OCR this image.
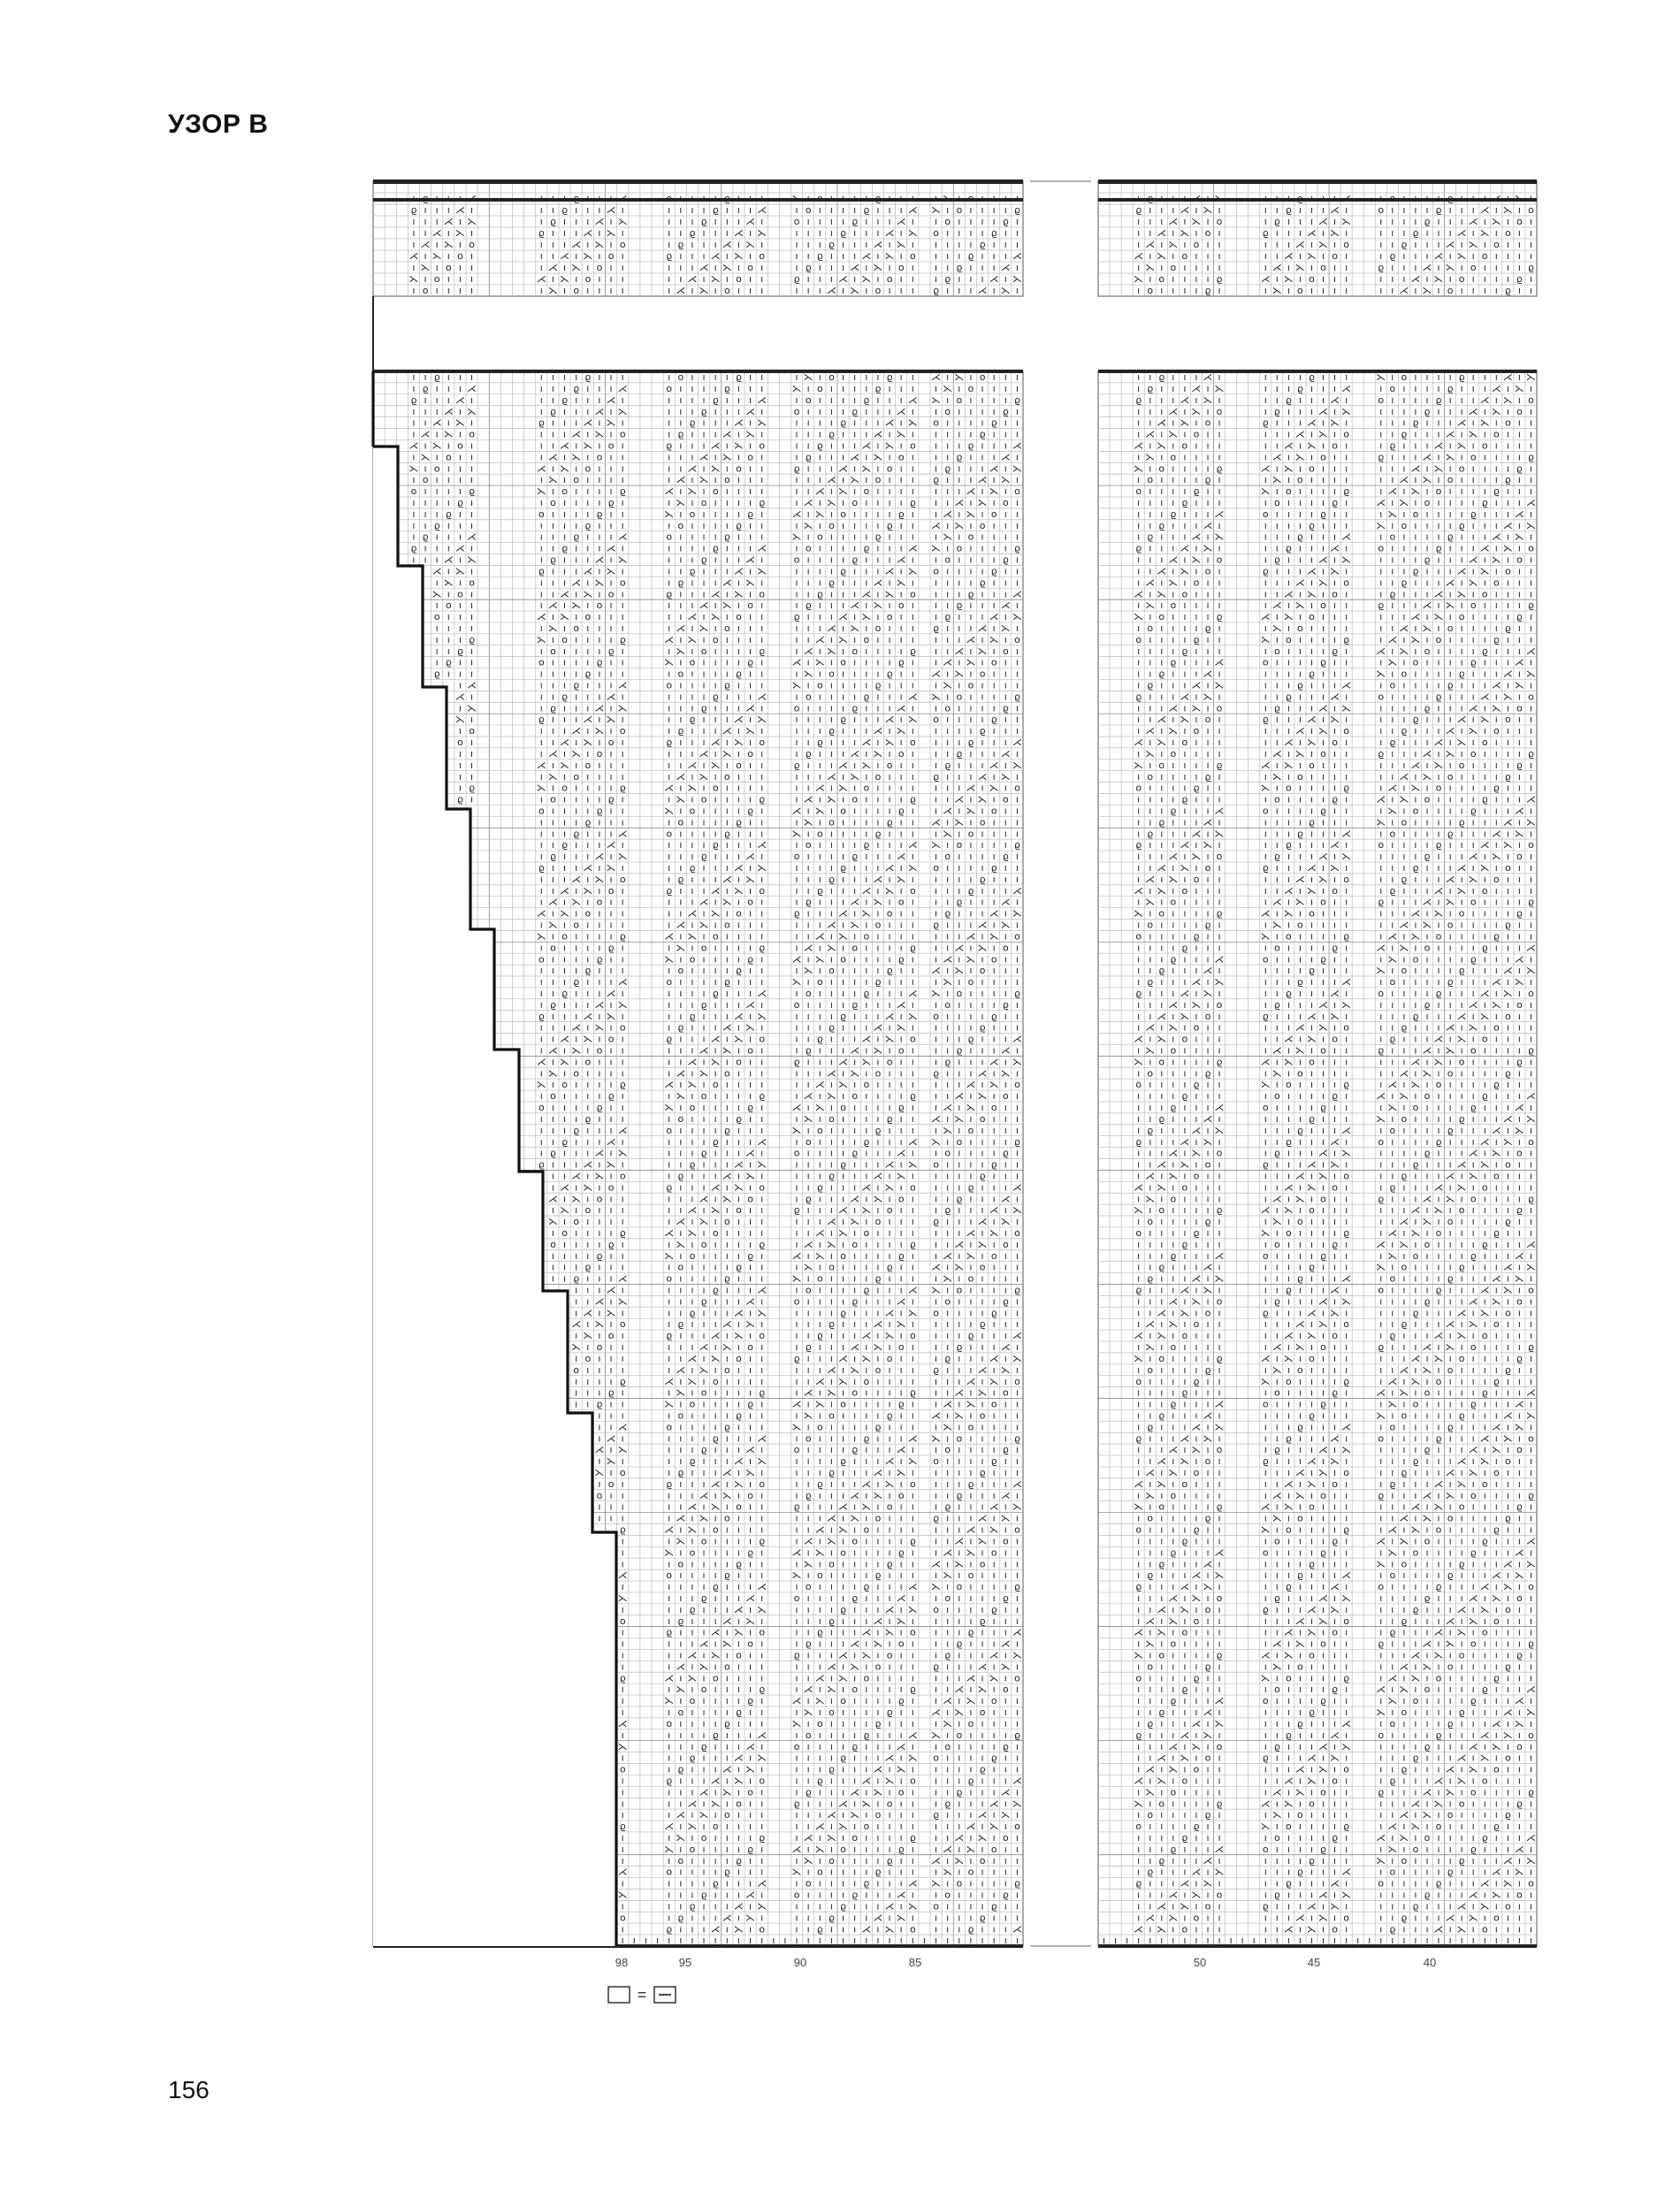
УЗОР В
ı ϱ ı ı ı ⋌	ı ı ı ϱ ı ı ı ⋌	ο ı ı ı ı ϱ ı ı ı	⋋ ı ο ı ı ı ı ϱ ı ı ı ı ⋋ ı ο ı ı ı ı
ϱ ı ı ı ⋌ ı	ı ı ϱ ı ı ı ⋌ ı	ı ı ı ı ϱ ı ı ı ⋌	ı ο ı ı ı ı ϱ ı ı ı ⋌ ⋋ ı ο ı ı ı ı ϱ
ı ı ı ⋌ ı ⋋	ı ϱ ı ı ı ⋌ ı ⋋	ı ı ı ϱ ı ı ı ⋌ ı	ο ı ı ı ı ϱ ı ı ı ⋌ ı ı ο ı ı ı ı ϱ ı
ı ı ⋌ ı ⋋ ı	ϱ ı ı ı ⋌ ı ⋋ ı	ı ı ϱ ı ı ı ⋌ ı ⋋	ı ı ı ı ϱ ı ı ı ⋌ ı ⋋ ο ı ı ı ı ϱ ı ı
ı ⋌ ı ⋋ ı ο	ı ı ı ⋌ ı ⋋ ı ο	ı ϱ ı ı ı ⋌ ı ⋋ ı	ı ı ı ϱ ı ı ı ⋌ ı ⋋ ı ı ı ı ı ϱ ı ı ı
⋌ ı ⋋ ı ο ı	ı ı ⋌ ı ⋋ ı ο ı	ϱ ı ı ı ⋌ ı ⋋ ı ο	ı ı ϱ ı ı ı ⋌ ı ⋋ ı ο ı ı ı ϱ ı ı ı ⋌
ı ⋋ ı ο ı ı	ı ⋌ ı ⋋ ı ο ı ı	ı ı ı ⋌ ı ⋋ ı ο ı	ı ϱ ı ı ı ⋌ ı ⋋ ı ο ı ı ı ϱ ı ı ı ⋌ ı
⋋ ı ο ı ı ı	⋌ ı ⋋ ı ο ı ı ı	ı ı ⋌ ı ⋋ ı ο ı ı	ϱ ı ı ı ⋌ ı ⋋ ı ο ı ı ı ϱ ı ı ı ⋌ ı ⋋
ı ο ı ı ı ı	ı ⋋ ı ο ı ı ı ı	ı ⋌ ı ⋋ ı ο ı ı ı	ı ı ı ⋌ ı ⋋ ı ο ı ı ı ϱ ı ı ı ⋌ ı ⋋ ı
ı ı ϱ ı ı ı	ı ı ı ı ϱ ı ı ı	ı ο ı ı ı ı ϱ ı ı	ı ⋋ ı ο ı ı ı ı ϱ ı ı ⋌ ı ⋋ ı ο ı ı ı
ı ϱ ı ı ı ⋌	ı ı ı ϱ ı ı ı ⋌	ο ı ı ı ı ϱ ı ı ı	⋋ ı ο ı ı ı ı ϱ ı ı ı ı ⋋ ı ο ı ı ı ı
ϱ ı ı ı ⋌ ı	ı ı ϱ ı ı ı ⋌ ı	ı ı ı ı ϱ ı ı ı ⋌	ı ο ı ı ı ı ϱ ı ı ı ⋌ ⋋ ı ο ı ı ı ı ϱ
ı ı ı ⋌ ı ⋋	ı ϱ ı ı ı ⋌ ı ⋋	ı ı ı ϱ ı ı ı ⋌ ı	ο ı ı ı ı ϱ ı ı ı ⋌ ı ı ο ı ı ı ı ϱ ı
ı ı ⋌ ı ⋋ ı	ϱ ı ı ı ⋌ ı ⋋ ı	ı ı ϱ ı ı ı ⋌ ı ⋋	ı ı ı ı ϱ ı ı ı ⋌ ı ⋋ ο ı ı ı ı ϱ ı ı
ı ⋌ ı ⋋ ı ο	ı ı ı ⋌ ı ⋋ ı ο	ı ϱ ı ı ı ⋌ ı ⋋ ı	ı ı ı ϱ ı ı ı ⋌ ı ⋋ ı ı ı ı ı ϱ ı ı ı
⋌ ı ⋋ ı ο ı	ı ı ⋌ ı ⋋ ı ο ı	ϱ ı ı ı ⋌ ı ⋋ ı ο	ı ı ϱ ı ı ı ⋌ ı ⋋ ı ο ı ı ı ϱ ı ı ı ⋌
ı ⋋ ı ο ı ı	ı ⋌ ı ⋋ ı ο ı ı	ı ı ı ⋌ ı ⋋ ı ο ı	ı ϱ ı ı ı ⋌ ı ⋋ ı ο ı ı ı ϱ ı ı ı ⋌ ı
⋋ ı ο ı ı ı	⋌ ı ⋋ ı ο ı ı ı	ı ı ⋌ ı ⋋ ı ο ı ı	ϱ ı ı ı ⋌ ı ⋋ ı ο ı ı ı ϱ ı ı ı ⋌ ı ⋋
ı ο ı ı ı ı	ı ⋋ ı ο ı ı ı ı	ı ⋌ ı ⋋ ı ο ı ı ı	ı ı ı ⋌ ı ⋋ ı ο ı ı ı ϱ ı ı ı ⋌ ı ⋋ ı
ο ı ı ı ı ϱ	⋋ ı ο ı ı ı ı ϱ	⋌ ı ⋋ ı ο ı ı ı ı	ı ı ⋌ ı ⋋ ı ο ı ı ı ı ı ı ı ⋌ ı ⋋ ı ο
ı ı ı ı ϱ ı	ı ο ı ı ı ı ϱ ı	ı ⋋ ı ο ı ı ı ı ϱ	ı ⋌ ı ⋋ ı ο ı ı ı ı ϱ ı ı ⋌ ı ⋋ ı ο ı
ı ı ı ϱ ı ı	ο ı ı ı ı ϱ ı ı	⋋ ı ο ı ı ı ı ϱ ı	⋌ ı ⋋ ı ο ı ı ı ı ϱ ı ı ⋌ ı ⋋ ı ο ı ı
ı ı ϱ ı ı ı	ı ı ı ı ϱ ı ı ı	ı ο ı ı ı ı ϱ ı ı	ı ⋋ ı ο ı ı ı ı ϱ ı ı ⋌ ı ⋋ ı ο ı ı ı
ı ϱ ı ı ı ⋌	ı ı ı ϱ ı ı ı ⋌	ο ı ı ı ı ϱ ı ı ı	⋋ ı ο ı ı ı ı ϱ ı ı ı ı ⋋ ı ο ı ı ı ı
ϱ ı ı ı ⋌ ı	ı ı ϱ ı ı ı ⋌ ı	ı ı ı ı ϱ ı ı ı ⋌	ı ο ı ı ı ı ϱ ı ı ı ⋌ ⋋ ı ο ı ı ı ı ϱ
ı ı ı ⋌ ı ⋋	ı ϱ ı ı ı ⋌ ı ⋋	ı ı ı ϱ ı ı ı ⋌ ı	ο ı ı ı ı ϱ ı ı ı ⋌ ı ı ο ı ı ı ı ϱ ı
⋌ ı ⋋ ı	ϱ ı ı ı ⋌ ı ⋋ ı	ı ı ϱ ı ı ı ⋌ ı ⋋	ı ı ı ı ϱ ı ı ı ⋌ ı ⋋ ο ı ı ı ı ϱ ı ı
ı ⋋ ı ο	ı ı ı ⋌ ı ⋋ ı ο	ı ϱ ı ı ı ⋌ ı ⋋ ı	ı ı ı ϱ ı ı ı ⋌ ı ⋋ ı ı ı ı ı ϱ ı ı ı
⋋ ı ο ı	ı ı ⋌ ı ⋋ ı ο ı	ϱ ı ı ı ⋌ ı ⋋ ı ο	ı ı ϱ ı ı ı ⋌ ı ⋋ ı ο ı ı ı ϱ ı ı ı ⋌
ı ο ı ı	ı ⋌ ı ⋋ ı ο ı ı	ı ı ı ⋌ ı ⋋ ı ο ı	ı ϱ ı ı ı ⋌ ı ⋋ ı ο ı ı ı ϱ ı ı ı ⋌ ı
ο ı ı ı	⋌ ı ⋋ ı ο ı ı ı	ı ı ⋌ ı ⋋ ı ο ı ı	ϱ ı ı ı ⋌ ı ⋋ ı ο ı ı ı ϱ ı ı ı ⋌ ı ⋋
ı ı ı ı	ı ⋋ ı ο ı ı ı ı	ı ⋌ ı ⋋ ı ο ı ı ı	ı ı ı ⋌ ı ⋋ ı ο ı ı ı ϱ ı ı ı ⋌ ı ⋋ ı
ı ı ı ϱ	⋋ ı ο ı ı ı ı ϱ	⋌ ı ⋋ ı ο ı ı ı ı	ı ı ⋌ ı ⋋ ı ο ı ı ı ı ı ı ı ⋌ ı ⋋ ı ο
ı ı ϱ ı	ı ο ı ı ı ı ϱ ı	ı ⋋ ı ο ı ı ı ı ϱ	ı ⋌ ı ⋋ ı ο ı ı ı ı ϱ ı ı ⋌ ı ⋋ ı ο ı
ı ϱ ı ı	ο ı ı ı ı ϱ ı ı	⋋ ı ο ı ı ı ı ϱ ı	⋌ ı ⋋ ı ο ı ı ı ı ϱ ı ı ⋌ ı ⋋ ı ο ı ı
ϱ ı ı ı	ı ı ı ı ϱ ı ı ı	ı ο ı ı ı ı ϱ ı ı	ı ⋋ ı ο ı ı ı ı ϱ ı ı ⋌ ı ⋋ ı ο ı ı ı
ı ⋌	ı ı ı ϱ ı ı ı ⋌	ο ı ı ı ı ϱ ı ı ı	⋋ ı ο ı ı ı ı ϱ ı ı ı ı ⋋ ı ο ı ı ı ı
⋌ ı	ı ı ϱ ı ı ı ⋌ ı	ı ı ı ı ϱ ı ı ı ⋌	ı ο ı ı ı ı ϱ ı ı ı ⋌ ⋋ ı ο ı ı ı ı ϱ
ı ⋋	ı ϱ ı ı ı ⋌ ı ⋋	ı ı ı ϱ ı ı ı ⋌ ı	ο ı ı ı ı ϱ ı ı ı ⋌ ı ı ο ı ı ı ı ϱ ı
⋋ ı	ϱ ı ı ı ⋌ ı ⋋ ı	ı ı ϱ ı ı ı ⋌ ı ⋋	ı ı ı ı ϱ ı ı ı ⋌ ı ⋋ ο ı ı ı ı ϱ ı ı
ı ο	ı ı ı ⋌ ı ⋋ ı ο	ı ϱ ı ı ı ⋌ ı ⋋ ı	ı ı ı ϱ ı ı ı ⋌ ı ⋋ ı ı ı ı ı ϱ ı ı ı
ο ı	ı ı ⋌ ı ⋋ ı ο ı	ϱ ı ı ı ⋌ ı ⋋ ı ο	ı ı ϱ ı ı ı ⋌ ı ⋋ ı ο ı ı ı ϱ ı ı ı ⋌
ı ı	ı ⋌ ı ⋋ ı ο ı ı	ı ı ı ⋌ ı ⋋ ı ο ı	ı ϱ ı ı ı ⋌ ı ⋋ ı ο ı ı ı ϱ ı ı ı ⋌ ı
ı ı	⋌ ı ⋋ ı ο ı ı ı	ı ı ⋌ ı ⋋ ı ο ı ı	ϱ ı ı ı ⋌ ı ⋋ ı ο ı ı ı ϱ ı ı ı ⋌ ı ⋋
ı ı	ı ⋋ ı ο ı ı ı ı	ı ⋌ ı ⋋ ı ο ı ı ı	ı ı ı ⋌ ı ⋋ ı ο ı ı ı ϱ ı ı ı ⋌ ı ⋋ ı
ı ϱ	⋋ ı ο ı ı ı ı ϱ	⋌ ı ⋋ ı ο ı ı ı ı	ı ı ⋌ ı ⋋ ı ο ı ı ı ı ı ı ı ⋌ ı ⋋ ı ο
ϱ ı	ı ο ı ı ı ı ϱ ı	ı ⋋ ı ο ı ı ı ı ϱ	ı ⋌ ı ⋋ ı ο ı ı ı ı ϱ ı ı ⋌ ı ⋋ ı ο ı
ο ı ı ı ı ϱ ı ı	⋋ ı ο ı ı ı ı ϱ ı	⋌ ı ⋋ ı ο ı ı ı ı ϱ ı ı ⋌ ı ⋋ ı ο ı ı
ı ı ı ı ϱ ı ı ı	ı ο ı ı ı ı ϱ ı ı	ı ⋋ ı ο ı ı ı ı ϱ ı ı ⋌ ı ⋋ ı ο ı ı ı
ı ı ı ϱ ı ı ı ⋌	ο ı ı ı ı ϱ ı ı ı	⋋ ı ο ı ı ı ı ϱ ı ı ı ı ⋋ ı ο ı ı ı ı
ı ı ϱ ı ı ı ⋌ ı	ı ı ı ı ϱ ı ı ı ⋌	ı ο ı ı ı ı ϱ ı ı ı ⋌ ⋋ ı ο ı ı ı ı ϱ
ı ϱ ı ı ı ⋌ ı ⋋	ı ı ı ϱ ı ı ı ⋌ ı	ο ı ı ı ı ϱ ı ı ı ⋌ ı ı ο ı ı ı ı ϱ ı
ϱ ı ı ı ⋌ ı ⋋ ı	ı ı ϱ ı ı ı ⋌ ı ⋋	ı ı ı ı ϱ ı ı ı ⋌ ı ⋋ ο ı ı ı ı ϱ ı ı
ı ı ı ⋌ ı ⋋ ı ο	ı ϱ ı ı ı ⋌ ı ⋋ ı	ı ı ı ϱ ı ı ı ⋌ ı ⋋ ı ı ı ı ı ϱ ı ı ı
ı ı ⋌ ı ⋋ ı ο ı	ϱ ı ı ı ⋌ ı ⋋ ı ο	ı ı ϱ ı ı ı ⋌ ı ⋋ ı ο ı ı ı ϱ ı ı ı ⋌
ı ⋌ ı ⋋ ı ο ı ı	ı ı ı ⋌ ı ⋋ ı ο ı	ı ϱ ı ı ı ⋌ ı ⋋ ı ο ı ı ı ϱ ı ı ı ⋌ ı
⋌ ı ⋋ ı ο ı ı ı	ı ı ⋌ ı ⋋ ı ο ı ı	ϱ ı ı ı ⋌ ı ⋋ ı ο ı ı ı ϱ ı ı ı ⋌ ı ⋋
ı ⋋ ı ο ı ı ı ı	ı ⋌ ı ⋋ ı ο ı ı ı	ı ı ı ⋌ ı ⋋ ı ο ı ı ı ϱ ı ı ı ⋌ ı ⋋ ı
⋋ ı ο ı ı ı ı ϱ	⋌ ı ⋋ ı ο ı ı ı ı	ı ı ⋌ ı ⋋ ı ο ı ı ı ı ı ı ı ⋌ ı ⋋ ı ο
ı ο ı ı ı ı ϱ ı	ı ⋋ ı ο ı ı ı ı ϱ	ı ⋌ ı ⋋ ı ο ı ı ı ı ϱ ı ı ⋌ ı ⋋ ı ο ı
ο ı ı ı ı ϱ ı ı	⋋ ı ο ı ı ı ı ϱ ı	⋌ ı ⋋ ı ο ı ı ı ı ϱ ı ı ⋌ ı ⋋ ı ο ı ı
ı ı ı ı ϱ ı ı ı	ı ο ı ı ı ı ϱ ı ı	ı ⋋ ı ο ı ı ı ı ϱ ı ı ⋌ ı ⋋ ı ο ı ı ı
ı ı ı ϱ ı ı ı ⋌	ο ı ı ı ı ϱ ı ı ı	⋋ ı ο ı ı ı ı ϱ ı ı ı ı ⋋ ı ο ı ı ı ı
ı ı ϱ ı ı ı ⋌ ı	ı ı ı ı ϱ ı ı ı ⋌	ı ο ı ı ı ı ϱ ı ı ı ⋌ ⋋ ı ο ı ı ı ı ϱ
ı ϱ ı ı ı ⋌ ı ⋋	ı ı ı ϱ ı ı ı ⋌ ı	ο ı ı ı ı ϱ ı ı ı ⋌ ı ı ο ı ı ı ı ϱ ı
ϱ ı ı ı ⋌ ı ⋋ ı	ı ı ϱ ı ı ı ⋌ ı ⋋	ı ı ı ı ϱ ı ı ı ⋌ ı ⋋ ο ı ı ı ı ϱ ı ı
ı ı ı ⋌ ı ⋋ ı ο	ı ϱ ı ı ı ⋌ ı ⋋ ı	ı ı ı ϱ ı ı ı ⋌ ı ⋋ ı ı ı ı ı ϱ ı ı ı
ı ı ⋌ ı ⋋ ı ο ı	ϱ ı ı ı ⋌ ı ⋋ ı ο	ı ı ϱ ı ı ı ⋌ ı ⋋ ı ο ı ı ı ϱ ı ı ı ⋌
ı ⋌ ı ⋋ ı ο ı ı	ı ı ı ⋌ ı ⋋ ı ο ı	ı ϱ ı ı ı ⋌ ı ⋋ ı ο ı ı ı ϱ ı ı ı ⋌ ı
⋌ ı ⋋ ı ο ı ı ı	ı ı ⋌ ı ⋋ ı ο ı ı	ϱ ı ı ı ⋌ ı ⋋ ı ο ı ı ı ϱ ı ı ı ⋌ ı ⋋
ı ⋋ ı ο ı ı ı ı	ı ⋌ ı ⋋ ı ο ı ı ı	ı ı ı ⋌ ı ⋋ ı ο ı ı ı ϱ ı ı ı ⋌ ı ⋋ ı
⋋ ı ο ı ı ı ı ϱ	⋌ ı ⋋ ı ο ı ı ı ı	ı ı ⋌ ı ⋋ ı ο ı ı ı ı ı ı ı ⋌ ı ⋋ ı ο
ı ο ı ı ı ı ϱ ı	ı ⋋ ı ο ı ı ı ı ϱ	ı ⋌ ı ⋋ ı ο ı ı ı ı ϱ ı ı ⋌ ı ⋋ ı ο ı
ο ı ı ı ı ϱ ı ı	⋋ ı ο ı ı ı ı ϱ ı	⋌ ı ⋋ ı ο ı ı ı ı ϱ ı ı ⋌ ı ⋋ ı ο ı ı
ı ı ı ı ϱ ı ı ı	ı ο ı ı ı ı ϱ ı ı	ı ⋋ ı ο ı ı ı ı ϱ ı ı ⋌ ı ⋋ ı ο ı ı ı
ı ı ı ϱ ı ı ı ⋌	ο ı ı ı ı ϱ ı ı ı	⋋ ı ο ı ı ı ı ϱ ı ı ı ı ⋋ ı ο ı ı ı ı
ı ı ϱ ı ı ı ⋌ ı	ı ı ı ı ϱ ı ı ı ⋌	ı ο ı ı ı ı ϱ ı ı ı ⋌ ⋋ ı ο ı ı ı ı ϱ
ı ϱ ı ı ı ⋌ ı ⋋	ı ı ı ϱ ı ı ı ⋌ ı	ο ı ı ı ı ϱ ı ı ı ⋌ ı ı ο ı ı ı ı ϱ ı
ϱ ı ı ı ⋌ ı ⋋ ı	ı ı ϱ ı ı ı ⋌ ı ⋋	ı ı ı ı ϱ ı ı ı ⋌ ı ⋋ ο ı ı ı ı ϱ ı ı
ı ı ⋌ ı ⋋ ı ο	ı ϱ ı ı ı ⋌ ı ⋋ ı	ı ı ı ϱ ı ı ı ⋌ ı ⋋ ı ı ı ı ı ϱ ı ı ı
ı ⋌ ı ⋋ ı ο ı	ϱ ı ı ı ⋌ ı ⋋ ı ο	ı ı ϱ ı ı ı ⋌ ı ⋋ ı ο ı ı ı ϱ ı ı ı ⋌
⋌ ı ⋋ ı ο ı ı	ı ı ı ⋌ ı ⋋ ı ο ı	ı ϱ ı ı ı ⋌ ı ⋋ ı ο ı ı ı ϱ ı ı ı ⋌ ı
ı ⋋ ı ο ı ı ı	ı ı ⋌ ı ⋋ ı ο ı ı	ϱ ı ı ı ⋌ ı ⋋ ı ο ı ı ı ϱ ı ı ı ⋌ ı ⋋
⋋ ı ο ı ı ı ı	ı ⋌ ı ⋋ ı ο ı ı ı	ı ı ı ⋌ ı ⋋ ı ο ı ı ı ϱ ı ı ı ⋌ ı ⋋ ı
ı ο ı ı ı ı ϱ	⋌ ı ⋋ ı ο ı ı ı ı	ı ı ⋌ ı ⋋ ı ο ı ı ı ı ı ı ı ⋌ ı ⋋ ı ο
ο ı ı ı ı ϱ ı	ı ⋋ ı ο ı ı ı ı ϱ	ı ⋌ ı ⋋ ı ο ı ı ı ı ϱ ı ı ⋌ ı ⋋ ı ο ı
ı ı ı ı ϱ ı ı	⋋ ı ο ı ı ı ı ϱ ı	⋌ ı ⋋ ı ο ı ı ı ı ϱ ı ı ⋌ ı ⋋ ı ο ı ı
ı ı ı ϱ ı ı ı	ı ο ı ı ı ı ϱ ı ı	ı ⋋ ı ο ı ı ı ı ϱ ı ı ⋌ ı ⋋ ı ο ı ı ı
ı ı ϱ ı ı ı ⋌	ο ı ı ı ı ϱ ı ı ı	⋋ ı ο ı ı ı ı ϱ ı ı ı ı ⋋ ı ο ı ı ı ı
ı ı ı ⋌ ı	ı ı ı ı ϱ ı ı ı ⋌	ı ο ı ı ı ı ϱ ı ı ı ⋌ ⋋ ı ο ı ı ı ı ϱ
ı ı ⋌ ı ⋋	ı ı ı ϱ ı ı ı ⋌ ı	ο ı ı ı ı ϱ ı ı ı ⋌ ı ı ο ı ı ı ı ϱ ı
ı ⋌ ı ⋋ ı	ı ı ϱ ı ı ı ⋌ ı ⋋	ı ı ı ı ϱ ı ı ı ⋌ ı ⋋ ο ı ı ı ı ϱ ı ı
⋌ ı ⋋ ı ο	ı ϱ ı ı ı ⋌ ı ⋋ ı	ı ı ı ϱ ı ı ı ⋌ ı ⋋ ı ı ı ı ı ϱ ı ı ı
ı ⋋ ı ο ı	ϱ ı ı ı ⋌ ı ⋋ ı ο	ı ı ϱ ı ı ı ⋌ ı ⋋ ı ο ı ı ı ϱ ı ı ı ⋌
⋋ ı ο ı ı	ı ı ı ⋌ ı ⋋ ı ο ı	ı ϱ ı ı ı ⋌ ı ⋋ ı ο ı ı ı ϱ ı ı ı ⋌ ı
ı ο ı ı ı	ı ı ⋌ ı ⋋ ı ο ı ı	ϱ ı ı ı ⋌ ı ⋋ ı ο ı ı ı ϱ ı ı ı ⋌ ı ⋋
ο ı ı ı ı	ı ⋌ ı ⋋ ı ο ı ı ı	ı ı ı ⋌ ı ⋋ ı ο ı ı ı ϱ ı ı ı ⋌ ı ⋋ ı
ı ı ı ı ϱ	⋌ ı ⋋ ı ο ı ı ı ı	ı ı ⋌ ı ⋋ ı ο ı ı ı ı ı ı ı ⋌ ı ⋋ ı ο
ı ı ı ϱ ı	ı ⋋ ı ο ı ı ı ı ϱ	ı ⋌ ı ⋋ ı ο ı ı ı ı ϱ ı ı ⋌ ı ⋋ ı ο ı
ı ı ϱ ı ı	⋋ ı ο ı ı ı ı ϱ ı	⋌ ı ⋋ ı ο ı ı ı ı ϱ ı ı ⋌ ı ⋋ ı ο ı ı
ı ı ı	ı ο ı ı ı ı ϱ ı ı	ı ⋋ ı ο ı ı ı ı ϱ ı ı ⋌ ı ⋋ ı ο ı ı ı
ı ı ⋌	ο ı ı ı ı ϱ ı ı ı	⋋ ı ο ı ı ı ı ϱ ı ı ı ı ⋋ ı ο ı ı ı ı
ı ⋌ ı	ı ı ı ı ϱ ı ı ı ⋌	ı ο ı ı ı ı ϱ ı ı ı ⋌ ⋋ ı ο ı ı ı ı ϱ
⋌ ı ⋋	ı ı ı ϱ ı ı ı ⋌ ı	ο ı ı ı ı ϱ ı ı ı ⋌ ı ı ο ı ı ı ı ϱ ı
ı ⋋ ı	ı ı ϱ ı ı ı ⋌ ı ⋋	ı ı ı ı ϱ ı ı ı ⋌ ı ⋋ ο ı ı ı ı ϱ ı ı
⋋ ı ο	ı ϱ ı ı ı ⋌ ı ⋋ ı	ı ı ı ϱ ı ı ı ⋌ ı ⋋ ı ı ı ı ı ϱ ı ı ı
ı ο ı	ϱ ı ı ı ⋌ ı ⋋ ı ο	ı ı ϱ ı ı ı ⋌ ı ⋋ ı ο ı ı ı ϱ ı ı ı ⋌
ο ı ı	ı ı ı ⋌ ı ⋋ ı ο ı	ı ϱ ı ı ı ⋌ ı ⋋ ı ο ı ı ı ϱ ı ı ı ⋌ ı
ı ı ı	ı ı ⋌ ı ⋋ ı ο ı ı	ϱ ı ı ı ⋌ ı ⋋ ı ο ı ı ı ϱ ı ı ı ⋌ ı ⋋
ı ı ı	ı ⋌ ı ⋋ ı ο ı ı ı	ı ı ı ⋌ ı ⋋ ı ο ı ı ı ϱ ı ı ı ⋌ ı ⋋ ı
ϱ	⋌ ı ⋋ ı ο ı ı ı ı	ı ı ⋌ ı ⋋ ı ο ı ı ı ı ı ı ı ⋌ ı ⋋ ı ο
ı	ı ⋋ ı ο ı ı ı ı ϱ	ı ⋌ ı ⋋ ı ο ı ı ı ı ϱ ı ı ⋌ ı ⋋ ı ο ı
ı	⋋ ı ο ı ı ı ı ϱ ı	⋌ ı ⋋ ı ο ı ı ı ı ϱ ı ı ⋌ ı ⋋ ı ο ı ı
ı	ı ο ı ı ı ı ϱ ı ı	ı ⋋ ı ο ı ı ı ı ϱ ı ı ⋌ ı ⋋ ı ο ı ı ı
⋌	ο ı ı ı ı ϱ ı ı ı	⋋ ı ο ı ı ı ı ϱ ı ı ı ı ⋋ ı ο ı ı ı ı
ı	ı ı ı ı ϱ ı ı ı ⋌	ı ο ı ı ı ı ϱ ı ı ı ⋌ ⋋ ı ο ı ı ı ı ϱ
⋋	ı ı ı ϱ ı ı ı ⋌ ı	ο ı ı ı ı ϱ ı ı ı ⋌ ı ı ο ı ı ı ı ϱ ı
ı	ı ı ϱ ı ı ı ⋌ ı ⋋	ı ı ı ı ϱ ı ı ı ⋌ ı ⋋ ο ı ı ı ı ϱ ı ı
ο	ı ϱ ı ı ı ⋌ ı ⋋ ı	ı ı ı ϱ ı ı ı ⋌ ı ⋋ ı ı ı ı ı ϱ ı ı ı
ı	ϱ ı ı ı ⋌ ı ⋋ ı ο	ı ı ϱ ı ı ı ⋌ ı ⋋ ı ο ı ı ı ϱ ı ı ı ⋌
ı	ı ı ı ⋌ ı ⋋ ı ο ı	ı ϱ ı ı ı ⋌ ı ⋋ ı ο ı ı ı ϱ ı ı ı ⋌ ı
ı	ı ı ⋌ ı ⋋ ı ο ı ı	ϱ ı ı ı ⋌ ı ⋋ ı ο ı ı ı ϱ ı ı ı ⋌ ı ⋋
ı	ı ⋌ ı ⋋ ı ο ı ı ı	ı ı ı ⋌ ı ⋋ ı ο ı ı ı ϱ ı ı ı ⋌ ı ⋋ ı
ϱ	⋌ ı ⋋ ı ο ı ı ı ı	ı ı ⋌ ı ⋋ ı ο ı ı ı ı ı ı ı ⋌ ı ⋋ ı ο
ı	ı ⋋ ı ο ı ı ı ı ϱ	ı ⋌ ı ⋋ ı ο ı ı ı ı ϱ ı ı ⋌ ı ⋋ ı ο ı
ı	⋋ ı ο ı ı ı ı ϱ ı	⋌ ı ⋋ ı ο ı ı ı ı ϱ ı ı ⋌ ı ⋋ ı ο ı ı
ı	ı ο ı ı ı ı ϱ ı ı	ı ⋋ ı ο ı ı ı ı ϱ ı ı ⋌ ı ⋋ ı ο ı ı ı
⋌	ο ı ı ı ı ϱ ı ı ı	⋋ ı ο ı ı ı ı ϱ ı ı ı ı ⋋ ı ο ı ı ı ı
ı	ı ı ı ı ϱ ı ı ı ⋌	ı ο ı ı ı ı ϱ ı ı ı ⋌ ⋋ ı ο ı ı ı ı ϱ
⋋	ı ı ı ϱ ı ı ı ⋌ ı	ο ı ı ı ı ϱ ı ı ı ⋌ ı ı ο ı ı ı ı ϱ ı
ı	ı ı ϱ ı ı ı ⋌ ı ⋋	ı ı ı ı ϱ ı ı ı ⋌ ı ⋋ ο ı ı ı ı ϱ ı ı
ο	ı ϱ ı ı ı ⋌ ı ⋋ ı	ı ı ı ϱ ı ı ı ⋌ ı ⋋ ı ı ı ı ı ϱ ı ı ı
ı	ϱ ı ı ı ⋌ ı ⋋ ı ο	ı ı ϱ ı ı ı ⋌ ı ⋋ ı ο ı ı ı ϱ ı ı ı ⋌
ı	ı ı ı ⋌ ı ⋋ ı ο ı	ı ϱ ı ı ı ⋌ ı ⋋ ı ο ı ı ı ϱ ı ı ı ⋌ ı
ı	ı ı ⋌ ı ⋋ ı ο ı ı	ϱ ı ı ı ⋌ ı ⋋ ı ο ı ı ı ϱ ı ı ı ⋌ ı ⋋
ı	ı ⋌ ı ⋋ ı ο ı ı ı	ı ı ı ⋌ ı ⋋ ı ο ı ı ı ϱ ı ı ı ⋌ ı ⋋ ı
ϱ	⋌ ı ⋋ ı ο ı ı ı ı	ı ı ⋌ ı ⋋ ı ο ı ı ı ı ı ı ı ⋌ ı ⋋ ı ο
ı	ı ⋋ ı ο ı ı ı ı ϱ	ı ⋌ ı ⋋ ı ο ı ı ı ı ϱ ı ı ⋌ ı ⋋ ı ο ı
ı	⋋ ı ο ı ı ı ı ϱ ı	⋌ ı ⋋ ı ο ı ı ı ı ϱ ı ı ⋌ ı ⋋ ı ο ı ı
ı	ı ο ı ı ı ı ϱ ı ı	ı ⋋ ı ο ı ı ı ı ϱ ı ı ⋌ ı ⋋ ı ο ı ı ı
⋌	ο ı ı ı ı ϱ ı ı ı	⋋ ı ο ı ı ı ı ϱ ı ı ı ı ⋋ ı ο ı ı ı ı
ı	ı ı ı ı ϱ ı ı ı ⋌	ı ο ı ı ı ı ϱ ı ı ı ⋌ ⋋ ı ο ı ı ı ı ϱ
⋋	ı ı ı ϱ ı ı ı ⋌ ı	ο ı ı ı ı ϱ ı ı ı ⋌ ı ı ο ı ı ı ı ϱ ı
ı	ı ı ϱ ı ı ı ⋌ ı ⋋	ı ı ı ı ϱ ı ı ı ⋌ ı ⋋ ο ı ı ı ı ϱ ı ı
ο	ı ϱ ı ı ı ⋌ ı ⋋ ı	ı ı ı ϱ ı ı ı ⋌ ı ⋋ ı ı ı ı ı ϱ ı ı ı
ı	ϱ ı ı ı ⋌ ı ⋋ ı ο	ı ı ϱ ı ı ı ⋌ ı ⋋ ı ο ı ı ı ϱ ı ı ı ⋌
ı ϱ ı ı ı ⋌ ı ⋋	ı ı ı ϱ ı ı ı ⋌	ı ο ı ı ı ı ϱ ı ı ı ⋌ ı ⋋ ı
ϱ ı ı ı ⋌ ı ⋋ ı	ı ı ϱ ı ı ı ⋌ ı	ο ı ı ı ı ϱ ı ı ı ⋌ ı ⋋ ı ο
ı ı ı ⋌ ı ⋋ ı ο	ı ϱ ı ı ı ⋌ ı ⋋	ı ı ı ı ϱ ı ı ı ⋌ ı ⋋ ı ο ı
ı ı ⋌ ı ⋋ ı ο ı	ϱ ı ı ı ⋌ ı ⋋ ı	ı ı ı ϱ ı ı ı ⋌ ı ⋋ ı ο ı ı
ı ⋌ ı ⋋ ı ο ı ı	ı ı ı ⋌ ı ⋋ ı ο	ı ı ϱ ı ı ı ⋌ ı ⋋ ı ο ı ı ı
⋌ ı ⋋ ı ο ı ı ı	ı ı ⋌ ı ⋋ ı ο ı	ı ϱ ı ı ı ⋌ ı ⋋ ı ο ı ı ı ı
ı ⋋ ı ο ı ı ı ı	ı ⋌ ı ⋋ ı ο ı ı	ϱ ı ı ı ⋌ ı ⋋ ı ο ı ı ı ı ϱ
⋋ ı ο ı ı ı ı ϱ	⋌ ı ⋋ ı ο ı ı ı	ı ı ı ⋌ ı ⋋ ı ο ı ı ı ı ϱ ı
ı ο ı ı ı ı ϱ ı	ı ⋋ ı ο ı ı ı ı	ı ı ⋌ ı ⋋ ı ο ı ı ı ı ϱ ı ı
ı ı ϱ ı ı ı ⋌ ı	ı ı ı ı ϱ ı ı ı	⋋ ı ο ı ı ı ı ϱ ı ı ı ⋌ ı ⋋
ı ϱ ı ı ı ⋌ ı ⋋	ı ı ı ϱ ı ı ı ⋌	ı ο ı ı ı ı ϱ ı ı ı ⋌ ı ⋋ ı
ϱ ı ı ı ⋌ ı ⋋ ı	ı ı ϱ ı ı ı ⋌ ı	ο ı ı ı ı ϱ ı ı ı ⋌ ı ⋋ ı ο
ı ı ı ⋌ ı ⋋ ı ο	ı ϱ ı ı ı ⋌ ı ⋋	ı ı ı ı ϱ ı ı ı ⋌ ı ⋋ ı ο ı
ı ı ⋌ ı ⋋ ı ο ı	ϱ ı ı ı ⋌ ı ⋋ ı	ı ı ı ϱ ı ı ı ⋌ ı ⋋ ı ο ı ı
ı ⋌ ı ⋋ ı ο ı ı	ı ı ı ⋌ ı ⋋ ı ο	ı ı ϱ ı ı ı ⋌ ı ⋋ ı ο ı ı ı
⋌ ı ⋋ ı ο ı ı ı	ı ı ⋌ ı ⋋ ı ο ı	ı ϱ ı ı ı ⋌ ı ⋋ ı ο ı ı ı ı
ı ⋋ ı ο ı ı ı ı	ı ⋌ ı ⋋ ı ο ı ı	ϱ ı ı ı ⋌ ı ⋋ ı ο ı ı ı ı ϱ
⋋ ı ο ı ı ı ı ϱ	⋌ ı ⋋ ı ο ı ı ı	ı ı ı ⋌ ı ⋋ ı ο ı ı ı ı ϱ ı
ı ο ı ı ı ı ϱ ı	ı ⋋ ı ο ı ı ı ı	ı ı ⋌ ı ⋋ ı ο ı ı ı ı ϱ ı ı
ο ı ı ı ı ϱ ı ı	⋋ ı ο ı ı ı ı ϱ	ı ⋌ ı ⋋ ı ο ı ı ı ı ϱ ı ı ı
ı ı ı ı ϱ ı ı ı	ı ο ı ı ı ı ϱ ı	⋌ ı ⋋ ı ο ı ı ı ı ϱ ı ı ı ⋌
ı ı ı ϱ ı ı ı ⋌	ο ı ı ı ı ϱ ı ı	ı ⋋ ı ο ı ı ı ı ϱ ı ı ı ⋌ ı
ı ı ϱ ı ı ı ⋌ ı	ı ı ı ı ϱ ı ı ı	⋋ ı ο ı ı ı ı ϱ ı ı ı ⋌ ı ⋋
ı ϱ ı ı ı ⋌ ı ⋋	ı ı ı ϱ ı ı ı ⋌	ı ο ı ı ı ı ϱ ı ı ı ⋌ ı ⋋ ı
ϱ ı ı ı ⋌ ı ⋋ ı	ı ı ϱ ı ı ı ⋌ ı	ο ı ı ı ı ϱ ı ı ı ⋌ ı ⋋ ı ο
ı ı ı ⋌ ı ⋋ ı ο	ı ϱ ı ı ı ⋌ ı ⋋	ı ı ı ı ϱ ı ı ı ⋌ ı ⋋ ı ο ı
ı ı ⋌ ı ⋋ ı ο ı	ϱ ı ı ı ⋌ ı ⋋ ı	ı ı ı ϱ ı ı ı ⋌ ı ⋋ ı ο ı ı
ı ⋌ ı ⋋ ı ο ı ı	ı ı ı ⋌ ı ⋋ ı ο	ı ı ϱ ı ı ı ⋌ ı ⋋ ı ο ı ı ı
⋌ ı ⋋ ı ο ı ı ı	ı ı ⋌ ı ⋋ ı ο ı	ı ϱ ı ı ı ⋌ ı ⋋ ı ο ı ı ı ı
ı ⋋ ı ο ı ı ı ı	ı ⋌ ı ⋋ ı ο ı ı	ϱ ı ı ı ⋌ ı ⋋ ı ο ı ı ı ı ϱ
⋋ ı ο ı ı ı ı ϱ	⋌ ı ⋋ ı ο ı ı ı	ı ı ı ⋌ ı ⋋ ı ο ı ı ı ı ϱ ı
ı ο ı ı ı ı ϱ ı	ı ⋋ ı ο ı ı ı ı	ı ı ⋌ ı ⋋ ı ο ı ı ı ı ϱ ı ı
ο ı ı ı ı ϱ ı ı	⋋ ı ο ı ı ı ı ϱ	ı ⋌ ı ⋋ ı ο ı ı ı ı ϱ ı ı ı
ı ı ı ı ϱ ı ı ı	ı ο ı ı ı ı ϱ ı	⋌ ı ⋋ ı ο ı ı ı ı ϱ ı ı ı ⋌
ı ı ı ϱ ı ı ı ⋌	ο ı ı ı ı ϱ ı ı	ı ⋋ ı ο ı ı ı ı ϱ ı ı ı ⋌ ı
ı ı ϱ ı ı ı ⋌ ı	ı ı ı ı ϱ ı ı ı	⋋ ı ο ı ı ı ı ϱ ı ı ı ⋌ ı ⋋
ı ϱ ı ı ı ⋌ ı ⋋	ı ı ı ϱ ı ı ı ⋌	ı ο ı ı ı ı ϱ ı ı ı ⋌ ı ⋋ ı
ϱ ı ı ı ⋌ ı ⋋ ı	ı ı ϱ ı ı ı ⋌ ı	ο ı ı ı ı ϱ ı ı ı ⋌ ı ⋋ ı ο
ı ı ı ⋌ ı ⋋ ı ο	ı ϱ ı ı ı ⋌ ı ⋋	ı ı ı ı ϱ ı ı ı ⋌ ı ⋋ ı ο ı
ı ı ⋌ ı ⋋ ı ο ı	ϱ ı ı ı ⋌ ı ⋋ ı	ı ı ı ϱ ı ı ı ⋌ ı ⋋ ı ο ı ı
ı ⋌ ı ⋋ ı ο ı ı	ı ı ı ⋌ ı ⋋ ı ο	ı ı ϱ ı ı ı ⋌ ı ⋋ ı ο ı ı ı
⋌ ı ⋋ ı ο ı ı ı	ı ı ⋌ ı ⋋ ı ο ı	ı ϱ ı ı ı ⋌ ı ⋋ ı ο ı ı ı ı
ı ⋋ ı ο ı ı ı ı	ı ⋌ ı ⋋ ı ο ı ı	ϱ ı ı ı ⋌ ı ⋋ ı ο ı ı ı ı ϱ
⋋ ı ο ı ı ı ı ϱ	⋌ ı ⋋ ı ο ı ı ı	ı ı ı ⋌ ı ⋋ ı ο ı ı ı ı ϱ ı
ı ο ı ı ı ı ϱ ı	ı ⋋ ı ο ı ı ı ı	ı ı ⋌ ı ⋋ ı ο ı ı ı ı ϱ ı ı
ο ı ı ı ı ϱ ı ı	⋋ ı ο ı ı ı ı ϱ	ı ⋌ ı ⋋ ı ο ı ı ı ı ϱ ı ı ı
ı ı ı ı ϱ ı ı ı	ı ο ı ı ı ı ϱ ı	⋌ ı ⋋ ı ο ı ı ı ı ϱ ı ı ı ⋌
ı ı ı ϱ ı ı ı ⋌	ο ı ı ı ı ϱ ı ı	ı ⋋ ı ο ı ı ı ı ϱ ı ı ı ⋌ ı
ı ı ϱ ı ı ı ⋌ ı	ı ı ı ı ϱ ı ı ı	⋋ ı ο ı ı ı ı ϱ ı ı ı ⋌ ı ⋋
ı ϱ ı ı ı ⋌ ı ⋋	ı ı ı ϱ ı ı ı ⋌	ı ο ı ı ı ı ϱ ı ı ı ⋌ ı ⋋ ı
ϱ ı ı ı ⋌ ı ⋋ ı	ı ı ϱ ı ı ı ⋌ ı	ο ı ı ı ı ϱ ı ı ı ⋌ ı ⋋ ı ο
ı ı ı ⋌ ı ⋋ ı ο	ı ϱ ı ı ı ⋌ ı ⋋	ı ı ı ı ϱ ı ı ı ⋌ ı ⋋ ı ο ı
ı ı ⋌ ı ⋋ ı ο ı	ϱ ı ı ı ⋌ ı ⋋ ı	ı ı ı ϱ ı ı ı ⋌ ı ⋋ ı ο ı ı
ı ⋌ ı ⋋ ı ο ı ı	ı ı ı ⋌ ı ⋋ ı ο	ı ı ϱ ı ı ı ⋌ ı ⋋ ı ο ı ı ı
⋌ ı ⋋ ı ο ı ı ı	ı ı ⋌ ı ⋋ ı ο ı	ı ϱ ı ı ı ⋌ ı ⋋ ı ο ı ı ı ı
ı ⋋ ı ο ı ı ı ı	ı ⋌ ı ⋋ ı ο ı ı	ϱ ı ı ı ⋌ ı ⋋ ı ο ı ı ı ı ϱ
⋋ ı ο ı ı ı ı ϱ	⋌ ı ⋋ ı ο ı ı ı	ı ı ı ⋌ ı ⋋ ı ο ı ı ı ı ϱ ı
ı ο ı ı ı ı ϱ ı	ı ⋋ ı ο ı ı ı ı	ı ı ⋌ ı ⋋ ı ο ı ı ı ı ϱ ı ı
ο ı ı ı ı ϱ ı ı	⋋ ı ο ı ı ı ı ϱ	ı ⋌ ı ⋋ ı ο ı ı ı ı ϱ ı ı ı
ı ı ı ı ϱ ı ı ı	ı ο ı ı ı ı ϱ ı	⋌ ı ⋋ ı ο ı ı ı ı ϱ ı ı ı ⋌
ı ı ı ϱ ı ı ı ⋌	ο ı ı ı ı ϱ ı ı	ı ⋋ ı ο ı ı ı ı ϱ ı ı ı ⋌ ı
ı ı ϱ ı ı ı ⋌ ı	ı ı ı ı ϱ ı ı ı	⋋ ı ο ı ı ı ı ϱ ı ı ı ⋌ ı ⋋
ı ϱ ı ı ı ⋌ ı ⋋	ı ı ı ϱ ı ı ı ⋌	ı ο ı ı ı ı ϱ ı ı ı ⋌ ı ⋋ ı
ϱ ı ı ı ⋌ ı ⋋ ı	ı ı ϱ ı ı ı ⋌ ı	ο ı ı ı ı ϱ ı ı ı ⋌ ı ⋋ ı ο
ı ı ı ⋌ ı ⋋ ı ο	ı ϱ ı ı ı ⋌ ı ⋋	ı ı ı ı ϱ ı ı ı ⋌ ı ⋋ ı ο ı
ı ı ⋌ ı ⋋ ı ο ı	ϱ ı ı ı ⋌ ı ⋋ ı	ı ı ı ϱ ı ı ı ⋌ ı ⋋ ı ο ı ı
ı ⋌ ı ⋋ ı ο ı ı	ı ı ı ⋌ ı ⋋ ı ο	ı ı ϱ ı ı ı ⋌ ı ⋋ ı ο ı ı ı
⋌ ı ⋋ ı ο ı ı ı	ı ı ⋌ ı ⋋ ı ο ı	ı ϱ ı ı ı ⋌ ı ⋋ ı ο ı ı ı ı
ı ⋋ ı ο ı ı ı ı	ı ⋌ ı ⋋ ı ο ı ı	ϱ ı ı ı ⋌ ı ⋋ ı ο ı ı ı ı ϱ
⋋ ı ο ı ı ı ı ϱ	⋌ ı ⋋ ı ο ı ı ı	ı ı ı ⋌ ı ⋋ ı ο ı ı ı ı ϱ ı
ı ο ı ı ı ı ϱ ı	ı ⋋ ı ο ı ı ı ı	ı ı ⋌ ı ⋋ ı ο ı ı ı ı ϱ ı ı
ο ı ı ı ı ϱ ı ı	⋋ ı ο ı ı ı ı ϱ	ı ⋌ ı ⋋ ı ο ı ı ı ı ϱ ı ı ı
ı ı ı ı ϱ ı ı ı	ı ο ı ı ı ı ϱ ı	⋌ ı ⋋ ı ο ı ı ı ı ϱ ı ı ı ⋌
ı ı ı ϱ ı ı ı ⋌	ο ı ı ı ı ϱ ı ı	ı ⋋ ı ο ı ı ı ı ϱ ı ı ı ⋌ ı
ı ı ϱ ı ı ı ⋌ ı	ı ı ı ı ϱ ı ı ı	⋋ ı ο ı ı ı ı ϱ ı ı ı ⋌ ı ⋋
ı ϱ ı ı ı ⋌ ı ⋋	ı ı ı ϱ ı ı ı ⋌	ı ο ı ı ı ı ϱ ı ı ı ⋌ ı ⋋ ı
ϱ ı ı ı ⋌ ı ⋋ ı	ı ı ϱ ı ı ı ⋌ ı	ο ı ı ı ı ϱ ı ı ı ⋌ ı ⋋ ı ο
ı ı ı ⋌ ı ⋋ ı ο	ı ϱ ı ı ı ⋌ ı ⋋	ı ı ı ı ϱ ı ı ı ⋌ ı ⋋ ı ο ı
ı ı ⋌ ı ⋋ ı ο ı	ϱ ı ı ı ⋌ ı ⋋ ı	ı ı ı ϱ ı ı ı ⋌ ı ⋋ ı ο ı ı
ı ⋌ ı ⋋ ı ο ı ı	ı ı ı ⋌ ı ⋋ ı ο	ı ı ϱ ı ı ı ⋌ ı ⋋ ı ο ı ı ı
⋌ ı ⋋ ı ο ı ı ı	ı ı ⋌ ı ⋋ ı ο ı	ı ϱ ı ı ı ⋌ ı ⋋ ı ο ı ı ı ı
ı ⋋ ı ο ı ı ı ı	ı ⋌ ı ⋋ ı ο ı ı	ϱ ı ı ı ⋌ ı ⋋ ı ο ı ı ı ı ϱ
⋋ ı ο ı ı ı ı ϱ	⋌ ı ⋋ ı ο ı ı ı	ı ı ı ⋌ ı ⋋ ı ο ı ı ı ı ϱ ı
ı ο ı ı ı ı ϱ ı	ı ⋋ ı ο ı ı ı ı	ı ı ⋌ ı ⋋ ı ο ı ı ı ı ϱ ı ı
ο ı ı ı ı ϱ ı ı	⋋ ı ο ı ı ı ı ϱ	ı ⋌ ı ⋋ ı ο ı ı ı ı ϱ ı ı ı
ı ı ı ı ϱ ı ı ı	ı ο ı ı ı ı ϱ ı	⋌ ı ⋋ ı ο ı ı ı ı ϱ ı ı ı ⋌
ı ı ı ϱ ı ı ı ⋌	ο ı ı ı ı ϱ ı ı	ı ⋋ ı ο ı ı ı ı ϱ ı ı ı ⋌ ı
ı ı ϱ ı ı ı ⋌ ı	ı ı ı ı ϱ ı ı ı	⋋ ı ο ı ı ı ı ϱ ı ı ı ⋌ ı ⋋
ı ϱ ı ı ı ⋌ ı ⋋	ı ı ı ϱ ı ı ı ⋌	ı ο ı ı ı ı ϱ ı ı ı ⋌ ı ⋋ ı
ϱ ı ı ı ⋌ ı ⋋ ı	ı ı ϱ ı ı ı ⋌ ı	ο ı ı ı ı ϱ ı ı ı ⋌ ı ⋋ ı ο
ı ı ı ⋌ ı ⋋ ı ο	ı ϱ ı ı ı ⋌ ı ⋋	ı ı ı ı ϱ ı ı ı ⋌ ı ⋋ ı ο ı
ı ı ⋌ ı ⋋ ı ο ı	ϱ ı ı ı ⋌ ı ⋋ ı	ı ı ı ϱ ı ı ı ⋌ ı ⋋ ı ο ı ı
ı ⋌ ı ⋋ ı ο ı ı	ı ı ı ⋌ ı ⋋ ı ο	ı ı ϱ ı ı ı ⋌ ı ⋋ ı ο ı ı ı
⋌ ı ⋋ ı ο ı ı ı	ı ı ⋌ ı ⋋ ı ο ı	ı ϱ ı ı ı ⋌ ı ⋋ ı ο ı ı ı ı
ı ⋋ ı ο ı ı ı ı	ı ⋌ ı ⋋ ı ο ı ı	ϱ ı ı ı ⋌ ı ⋋ ı ο ı ı ı ı ϱ
⋋ ı ο ı ı ı ı ϱ	⋌ ı ⋋ ı ο ı ı ı	ı ı ı ⋌ ı ⋋ ı ο ı ı ı ı ϱ ı
ı ο ı ı ı ı ϱ ı	ı ⋋ ı ο ı ı ı ı	ı ı ⋌ ı ⋋ ı ο ı ı ı ı ϱ ı ı
ο ı ı ı ı ϱ ı ı	⋋ ı ο ı ı ı ı ϱ	ı ⋌ ı ⋋ ı ο ı ı ı ı ϱ ı ı ı
ı ı ı ı ϱ ı ı ı	ı ο ı ı ı ı ϱ ı	⋌ ı ⋋ ı ο ı ı ı ı ϱ ı ı ı ⋌
ı ı ı ϱ ı ı ı ⋌	ο ı ı ı ı ϱ ı ı	ı ⋋ ı ο ı ı ı ı ϱ ı ı ı ⋌ ı
ı ı ϱ ı ı ı ⋌ ı	ı ı ı ı ϱ ı ı ı	⋋ ı ο ı ı ı ı ϱ ı ı ı ⋌ ı ⋋
ı ϱ ı ı ı ⋌ ı ⋋	ı ı ı ϱ ı ı ı ⋌	ı ο ı ı ı ı ϱ ı ı ı ⋌ ı ⋋ ı
ϱ ı ı ı ⋌ ı ⋋ ı	ı ı ϱ ı ı ı ⋌ ı	ο ı ı ı ı ϱ ı ı ı ⋌ ı ⋋ ı ο
ı ı ı ⋌ ı ⋋ ı ο	ı ϱ ı ı ı ⋌ ı ⋋	ı ı ı ı ϱ ı ı ı ⋌ ı ⋋ ı ο ı
ı ı ⋌ ı ⋋ ı ο ı	ϱ ı ı ı ⋌ ı ⋋ ı	ı ı ı ϱ ı ı ı ⋌ ı ⋋ ı ο ı ı
ı ⋌ ı ⋋ ı ο ı ı	ı ı ı ⋌ ı ⋋ ı ο	ı ı ϱ ı ı ı ⋌ ı ⋋ ı ο ı ı ı
⋌ ı ⋋ ı ο ı ı ı	ı ı ⋌ ı ⋋ ı ο ı	ı ϱ ı ı ı ⋌ ı ⋋ ı ο ı ı ı ı
ı ⋋ ı ο ı ı ı ı	ı ⋌ ı ⋋ ı ο ı ı	ϱ ı ı ı ⋌ ı ⋋ ı ο ı ı ı ı ϱ
⋋ ı ο ı ı ı ı ϱ	⋌ ı ⋋ ı ο ı ı ı	ı ı ı ⋌ ı ⋋ ı ο ı ı ı ı ϱ ı
ı ο ı ı ı ı ϱ ı	ı ⋋ ı ο ı ı ı ı	ı ı ⋌ ı ⋋ ı ο ı ı ı ı ϱ ı ı
ο ı ı ı ı ϱ ı ı	⋋ ı ο ı ı ı ı ϱ	ı ⋌ ı ⋋ ı ο ı ı ı ı ϱ ı ı ı
ı ı ı ı ϱ ı ı ı	ı ο ı ı ı ı ϱ ı	⋌ ı ⋋ ı ο ı ı ı ı ϱ ı ı ı ⋌
ı ı ı ϱ ı ı ı ⋌	ο ı ı ı ı ϱ ı ı	ı ⋋ ı ο ı ı ı ı ϱ ı ı ı ⋌ ı
ı ı ϱ ı ı ı ⋌ ı	ı ı ı ı ϱ ı ı ı	⋋ ı ο ı ı ı ı ϱ ı ı ı ⋌ ı ⋋
ı ϱ ı ı ı ⋌ ı ⋋	ı ı ı ϱ ı ı ı ⋌	ı ο ı ı ı ı ϱ ı ı ı ⋌ ı ⋋ ı
ϱ ı ı ı ⋌ ı ⋋ ı	ı ı ϱ ı ı ı ⋌ ı	ο ı ı ı ı ϱ ı ı ı ⋌ ı ⋋ ı ο
ı ı ı ⋌ ı ⋋ ı ο	ı ϱ ı ı ı ⋌ ı ⋋	ı ı ı ı ϱ ı ı ı ⋌ ı ⋋ ı ο ı
ı ı ⋌ ı ⋋ ı ο ı	ϱ ı ı ı ⋌ ı ⋋ ı	ı ı ı ϱ ı ı ı ⋌ ı ⋋ ı ο ı ı
ı ⋌ ı ⋋ ı ο ı ı	ı ı ı ⋌ ı ⋋ ı ο	ı ı ϱ ı ı ı ⋌ ı ⋋ ı ο ı ı ı
⋌ ı ⋋ ı ο ı ı ı	ı ı ⋌ ı ⋋ ı ο ı	ı ϱ ı ı ı ⋌ ı ⋋ ı ο ı ı ı ı
ı ⋋ ı ο ı ı ı ı	ı ⋌ ı ⋋ ı ο ı ı	ϱ ı ı ı ⋌ ı ⋋ ı ο ı ı ı ı ϱ
⋋ ı ο ı ı ı ı ϱ	⋌ ı ⋋ ı ο ı ı ı	ı ı ı ⋌ ı ⋋ ı ο ı ı ı ı ϱ ı
ı ο ı ı ı ı ϱ ı	ı ⋋ ı ο ı ı ı ı	ı ı ⋌ ı ⋋ ı ο ı ı ı ı ϱ ı ı
ο ı ı ı ı ϱ ı ı	⋋ ı ο ı ı ı ı ϱ	ı ⋌ ı ⋋ ı ο ı ı ı ı ϱ ı ı ı
ı ı ı ı ϱ ı ı ı	ı ο ı ı ı ı ϱ ı	⋌ ı ⋋ ı ο ı ı ı ı ϱ ı ı ı ⋌
ı ı ı ϱ ı ı ı ⋌	ο ı ı ı ı ϱ ı ı	ı ⋋ ı ο ı ı ı ı ϱ ı ı ı ⋌ ı
ı ı ϱ ı ı ı ⋌ ı	ı ı ı ı ϱ ı ı ı	⋋ ı ο ı ı ı ı ϱ ı ı ı ⋌ ı ⋋
ı ϱ ı ı ı ⋌ ı ⋋	ı ı ı ϱ ı ı ı ⋌	ı ο ı ı ı ı ϱ ı ı ı ⋌ ı ⋋ ı
ϱ ı ı ı ⋌ ı ⋋ ı	ı ı ϱ ı ı ı ⋌ ı	ο ı ı ı ı ϱ ı ı ı ⋌ ı ⋋ ı ο
ı ı ı ⋌ ı ⋋ ı ο	ı ϱ ı ı ı ⋌ ı ⋋	ı ı ı ı ϱ ı ı ı ⋌ ı ⋋ ı ο ı
ı ı ⋌ ı ⋋ ı ο ı	ϱ ı ı ı ⋌ ı ⋋ ı	ı ı ı ϱ ı ı ı ⋌ ı ⋋ ı ο ı ı
ı ⋌ ı ⋋ ı ο ı ı	ı ı ı ⋌ ı ⋋ ı ο	ı ı ϱ ı ı ı ⋌ ı ⋋ ı ο ı ı ı
⋌ ı ⋋ ı ο ı ı ı	ı ı ⋌ ı ⋋ ı ο ı	ı ϱ ı ı ı ⋌ ı ⋋ ı ο ı ı ı ı
ı ⋋ ı ο ı ı ı ı	ı ⋌ ı ⋋ ı ο ı ı	ϱ ı ı ı ⋌ ı ⋋ ı ο ı ı ı ı ϱ
⋋ ı ο ı ı ı ı ϱ	⋌ ı ⋋ ı ο ı ı ı	ı ı ı ⋌ ı ⋋ ı ο ı ı ı ı ϱ ı
ı ο ı ı ı ı ϱ ı	ı ⋋ ı ο ı ı ı ı	ı ı ⋌ ı ⋋ ı ο ı ı ı ı ϱ ı ı
ο ı ı ı ı ϱ ı ı	⋋ ı ο ı ı ı ı ϱ	ı ⋌ ı ⋋ ı ο ı ı ı ı ϱ ı ı ı
ı ı ı ı ϱ ı ı ı	ı ο ı ı ı ı ϱ ı	⋌ ı ⋋ ı ο ı ı ı ı ϱ ı ı ı ⋌
ı ı ı ϱ ı ı ı ⋌	ο ı ı ı ı ϱ ı ı	ı ⋋ ı ο ı ı ı ı ϱ ı ı ı ⋌ ı
ı ı ϱ ı ı ı ⋌ ı	ı ı ı ı ϱ ı ı ı	⋋ ı ο ı ı ı ı ϱ ı ı ı ⋌ ı ⋋
ı ϱ ı ı ı ⋌ ı ⋋	ı ı ı ϱ ı ı ı ⋌	ı ο ı ı ı ı ϱ ı ı ı ⋌ ı ⋋ ı
ϱ ı ı ı ⋌ ı ⋋ ı	ı ı ϱ ı ı ı ⋌ ı	ο ı ı ı ı ϱ ı ı ı ⋌ ı ⋋ ı ο
ı ı ı ⋌ ı ⋋ ı ο	ı ϱ ı ı ı ⋌ ı ⋋	ı ı ı ı ϱ ı ı ı ⋌ ı ⋋ ı ο ı
ı ı ⋌ ı ⋋ ı ο ı	ϱ ı ı ı ⋌ ı ⋋ ı	ı ı ı ϱ ı ı ı ⋌ ı ⋋ ı ο ı ı
ı ⋌ ı ⋋ ı ο ı ı	ı ı ı ⋌ ı ⋋ ı ο	ı ı ϱ ı ı ı ⋌ ı ⋋ ı ο ı ı ı
⋌ ı ⋋ ı ο ı ı ı	ı ı ⋌ ı ⋋ ı ο ı	ı ϱ ı ı ı ⋌ ı ⋋ ı ο ı ı ı ı
ı ı ı ı ı ı ı ı ı ı ı ı ı ı ı ı ı ı ı ı ı ı ı ı ı ı ı ı ı ı ı ı ı ı ı	ı ı ı ı ı ı ı ı ı ı ı ı ı ı ı ı ı ı ı ı ı ı ı ı ı ı ı ı ı ı ı ı ı ı ı ı ı ı
98	95	90	85	50	45	40
=
156
